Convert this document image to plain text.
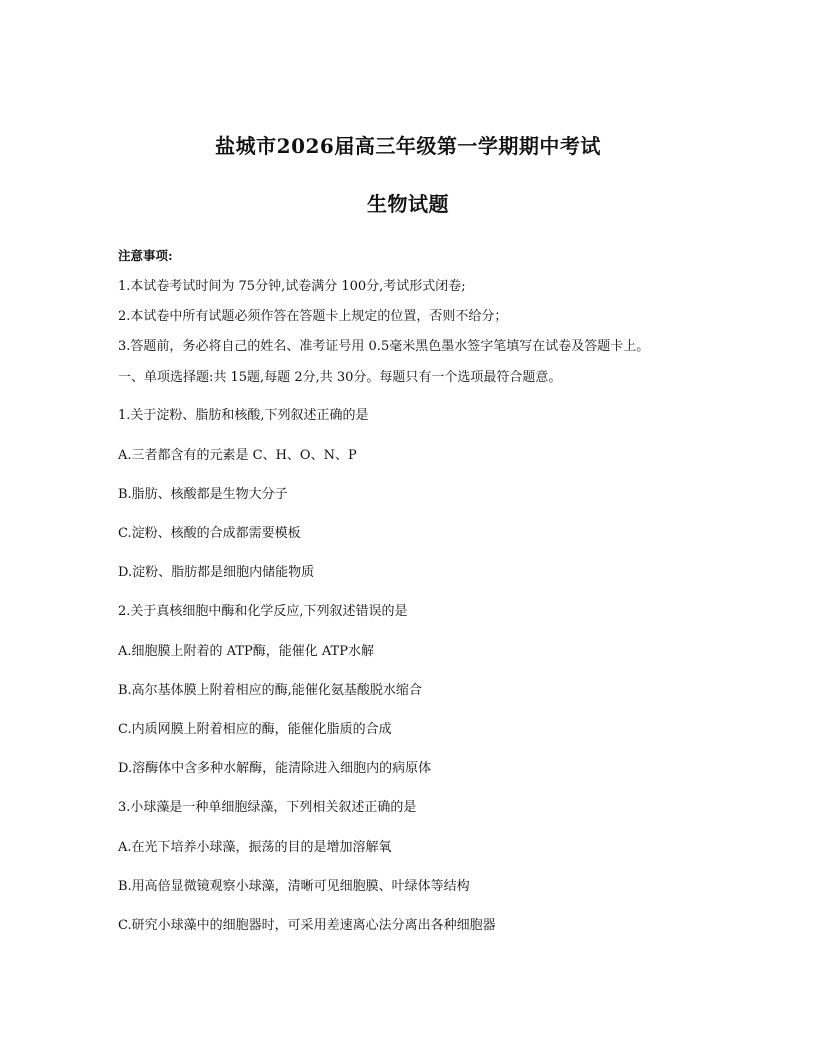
盐城市2026届高三年级第一学期期中考试
生物试题
注意事项:
1.本试卷考试时间为 75分钟,试卷满分 100分,考试形式闭卷;
2.本试卷中所有试题必须作答在答题卡上规定的位置，否则不给分；
3.答题前，务必将自己的姓名、准考证号用 0.5毫米黑色墨水签字笔填写在试卷及答题卡上。
一、单项选择题:共 15题,每题 2分,共 30分。每题只有一个选项最符合题意。
1.关于淀粉、脂肪和核酸,下列叙述正确的是
A.三者都含有的元素是 C、H、O、N、P
B.脂肪、核酸都是生物大分子
C.淀粉、核酸的合成都需要模板
D.淀粉、脂肪都是细胞内储能物质
2.关于真核细胞中酶和化学反应,下列叙述错误的是
A.细胞膜上附着的 ATP酶，能催化 ATP水解
B.高尔基体膜上附着相应的酶,能催化氨基酸脱水缩合
C.内质网膜上附着相应的酶，能催化脂质的合成
D.溶酶体中含多种水解酶，能清除进入细胞内的病原体
3.小球藻是一种单细胞绿藻，下列相关叙述正确的是
A.在光下培养小球藻，振荡的目的是增加溶解氧
B.用高倍显微镜观察小球藻，清晰可见细胞膜、叶绿体等结构
C.研究小球藻中的细胞器时，可采用差速离心法分离出各种细胞器
